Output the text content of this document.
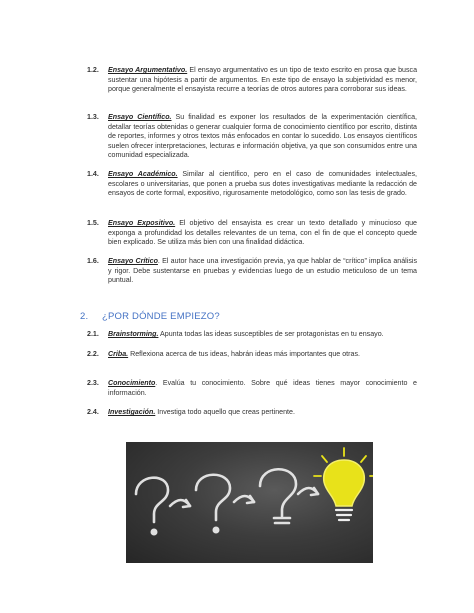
1.2.	Ensayo Argumentativo. El ensayo argumentativo es un tipo de texto escrito en prosa que busca sustentar una hipótesis a partir de argumentos. En este tipo de ensayo la subjetividad es menor, porque generalmente el ensayista recurre a teorías de otros autores para corroborar sus ideas.
1.3.	Ensayo Científico. Su finalidad es exponer los resultados de la experimentación científica, detallar teorías obtenidas o generar cualquier forma de conocimiento científico por escrito, distinta de reportes, informes y otros textos más enfocados en contar lo sucedido. Los ensayos científicos suelen ofrecer interpretaciones, lecturas e información objetiva, ya que son consumidos entre una comunidad especializada.
1.4.	Ensayo Académico. Similar al científico, pero en el caso de comunidades intelectuales, escolares o universitarias, que ponen a prueba sus dotes investigativas mediante la redacción de ensayos de corte formal, expositivo, rigurosamente metodológico, como son las tesis de grado.
1.5.	Ensayo Expositivo. El objetivo del ensayista es crear un texto detallado y minucioso que exponga a profundidad los detalles relevantes de un tema, con el fin de que el concepto quede bien explicado. Se utiliza más bien con una finalidad didáctica.
1.6.	Ensayo Crítico. El autor hace una investigación previa, ya que hablar de “crítico” implica análisis y rigor. Debe sustentarse en pruebas y evidencias luego de un estudio meticuloso de un tema puntual.
2. ¿POR DÓNDE EMPIEZO?
2.1.	Brainstorming. Apunta todas las ideas susceptibles de ser protagonistas en tu ensayo.
2.2.	Criba. Reflexiona acerca de tus ideas, habrán ideas más importantes que otras.
2.3.	Conocimiento. Evalúa tu conocimiento. Sobre qué ideas tienes mayor conocimiento e información.
2.4.	Investigación. Investiga todo aquello que creas pertinente.
